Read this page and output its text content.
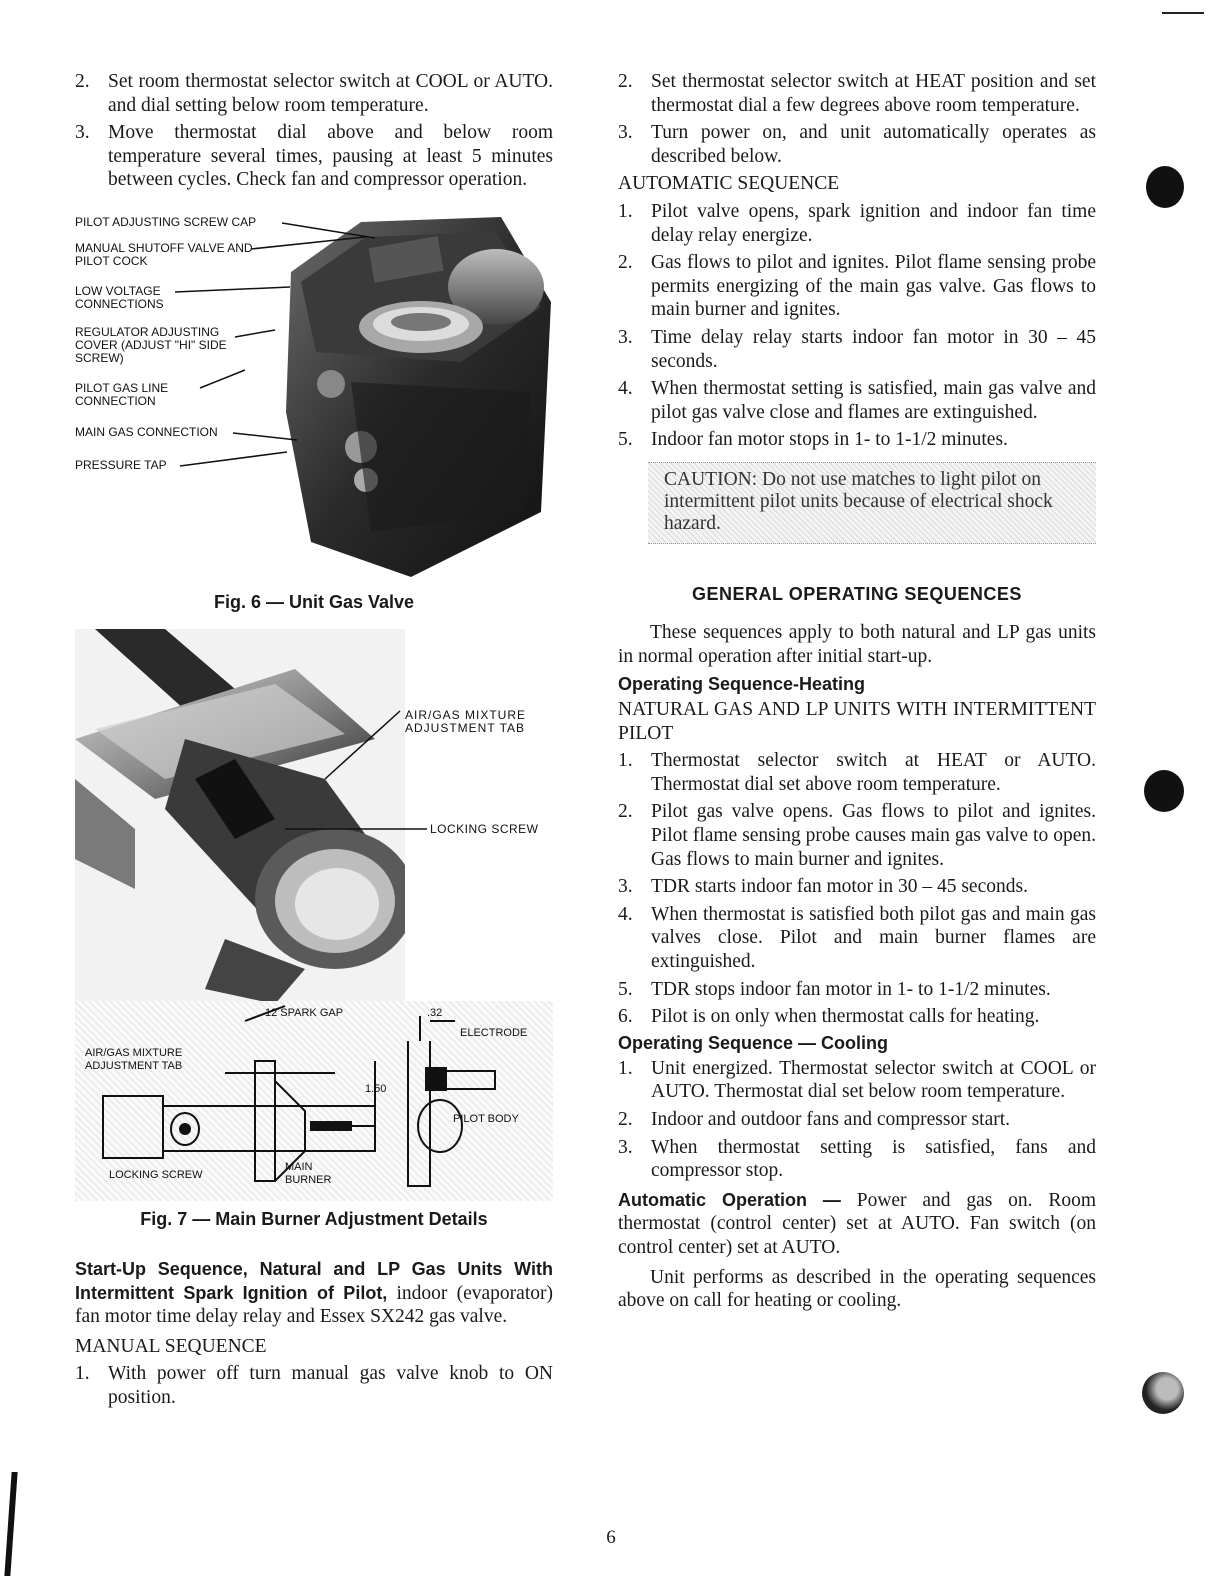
2. Set room thermostat selector switch at COOL or AUTO. and dial setting below room temperature.
3. Move thermostat dial above and below room temperature several times, pausing at least 5 minutes between cycles. Check fan and compressor operation.
PILOT ADJUSTING SCREW CAP
MANUAL SHUTOFF VALVE AND PILOT COCK
LOW VOLTAGE CONNECTIONS
REGULATOR ADJUSTING COVER (ADJUST "HI" SIDE SCREW)
PILOT GAS LINE CONNECTION
MAIN GAS CONNECTION
PRESSURE TAP
Fig. 6 — Unit Gas Valve
AIR/GAS MIXTURE ADJUSTMENT TAB
LOCKING SCREW
12 SPARK GAP	.32
ELECTRODE
AIR/GAS MIXTURE ADJUSTMENT TAB
1.50
PILOT BODY
LOCKING SCREW
MAIN BURNER
Fig. 7 — Main Burner Adjustment Details

Start-Up Sequence, Natural and LP Gas Units With Intermittent Spark Ignition of Pilot, indoor (evaporator) fan motor time delay relay and Essex SX242 gas valve.

MANUAL SEQUENCE

1. With power off turn manual gas valve knob to ON position.
2. Set thermostat selector switch at HEAT position and set thermostat dial a few degrees above room temperature.
3. Turn power on, and unit automatically operates as described below.

AUTOMATIC SEQUENCE

1. Pilot valve opens, spark ignition and indoor fan time delay relay energize.
2. Gas flows to pilot and ignites. Pilot flame sensing probe permits energizing of the main gas valve. Gas flows to main burner and ignites.
3. Time delay relay starts indoor fan motor in 30 – 45 seconds.
4. When thermostat setting is satisfied, main gas valve and pilot gas valve close and flames are extinguished.
5. Indoor fan motor stops in 1- to 1-1/2 minutes.
CAUTION: Do not use matches to light pilot on intermittent pilot units because of electrical shock hazard.
GENERAL OPERATING SEQUENCES

These sequences apply to both natural and LP gas units in normal operation after initial start-up.

Operating Sequence-Heating

NATURAL GAS AND LP UNITS WITH INTERMITTENT PILOT

1. Thermostat selector switch at HEAT or AUTO. Thermostat dial set above room temperature.
2. Pilot gas valve opens. Gas flows to pilot and ignites. Pilot flame sensing probe causes main gas valve to open. Gas flows to main burner and ignites.
3. TDR starts indoor fan motor in 30 – 45 seconds.
4. When thermostat is satisfied both pilot gas and main gas valves close. Pilot and main burner flames are extinguished.
5. TDR stops indoor fan motor in 1- to 1-1/2 minutes.
6. Pilot is on only when thermostat calls for heating.
Operating Sequence — Cooling
1. Unit energized. Thermostat selector switch at COOL or AUTO. Thermostat dial set below room temperature.
2. Indoor and outdoor fans and compressor start.
3. When thermostat setting is satisfied, fans and compressor stop.

Automatic Operation — Power and gas on. Room thermostat (control center) set at AUTO. Fan switch (on control center) set at AUTO.

Unit performs as described in the operating sequences above on call for heating or cooling.

6
